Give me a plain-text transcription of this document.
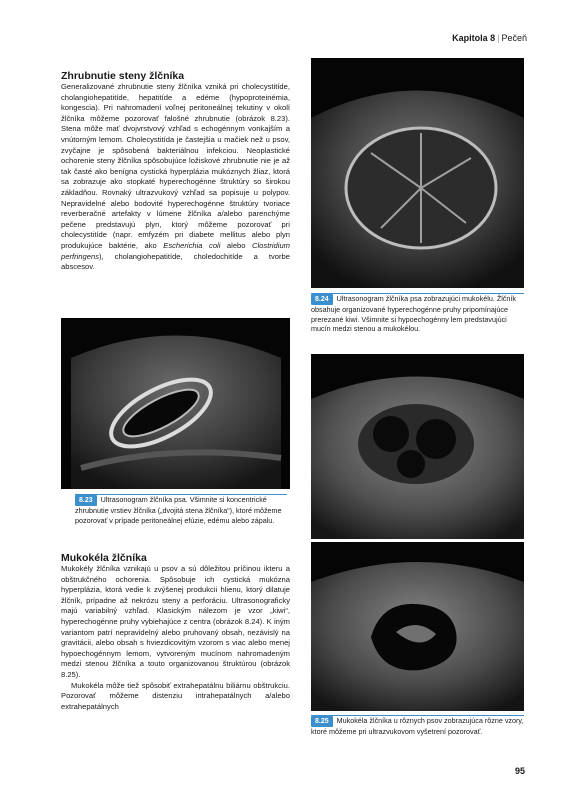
Kapitola 8 | Pečeň
Zhrubnutie steny žlčníka

Generalizované zhrubnutie steny žlčníka vzniká pri cholecystitíde, cholangiohepatitíde, hepatitíde a edéme (hypoproteinémia, kongescia). Pri nahromadení voľnej peritoneálnej tekutiny v okolí žlčníka môžeme pozorovať falošné zhrubnutie (obrázok 8.23). Stena môže mať dvojvrstvový vzhľad s echogénnym vonkajším a vnútorným lemom. Cholecystitída je častejšia u mačiek než u psov, zvyčajne je spôsobená bakteriálnou infekciou. Neoplastické ochorenie steny žlčníka spôsobujúce ložiskové zhrubnutie nie je až tak časté ako benígna cystická hyperplázia mukóznych žliaz, ktorá sa zobrazuje ako stopkaté hyperechogénne štruktúry so širokou základňou. Rovnaký ultrazvukový vzhľad sa popisuje u polypov. Nepravidelné alebo bodovité hyperechogénne štruktúry tvoriace reverberačné artefakty v lúmene žlčníka a/alebo parenchýme pečene predstavujú plyn, ktorý môžeme pozorovať pri cholecystitíde (napr. emfyzém pri diabete mellitus alebo plyn produkujúce baktérie, ako Escherichia coli alebo Clostridium perfringens), cholangiohepatitíde, choledochitíde a tvorbe abscesov.

8.23 Ultrasonogram žlčníka psa. Všimnite si koncentrické zhrubnutie vrstiev žlčníka („dvojitá stena žlčníka“), ktoré môžeme pozorovať v prípade peritoneálnej efúzie, edému alebo zápalu.
Mukokéla žlčníka

Mukokély žlčníka vznikajú u psov a sú dôležitou príčinou ikteru a obštrukčného ochorenia. Spôsobuje ich cystická mukózna hyperplázia, ktorá vedie k zvýšenej produkcii hlienu, ktorý dilatuje žlčník, prípadne až nekrózu steny a perforáciu. Ultrasonograficky majú variabilný vzhľad. Klasickým nálezom je vzor „kiwi“, hyperechogénne pruhy vybiehajúce z centra (obrázok 8.24). K iným variantom patrí nepravidelný alebo pruhovaný obsah, nezávislý na gravitácii, alebo obsah s hviezdicovitým vzorom s viac alebo menej hypoechogénnym lemom, vytvoreným mucínom nahromadeným medzi stenou žlčníka a touto organizovanou štruktúrou (obrázok 8.25).

Mukokéla môže tiež spôsobiť extrahepatálnu biliárnu obštrukciu. Pozorovať môžeme distenziu intrahepatálnych a/alebo extrahepatálnych

8.24 Ultrasonogram žlčníka psa zobrazujúci mukokélu. Žlčník obsahuje organizované hyperechogénne pruhy pripomínajúce prerezané kiwi. Všimnite si hypoechogénny lem predstavujúci mucín medzi stenou a mukokélou.
8.25 Mukokéla žlčníka u rôznych psov zobrazujúca rôzne vzory, ktoré môžeme pri ultrazvukovom vyšetrení pozorovať.
95
